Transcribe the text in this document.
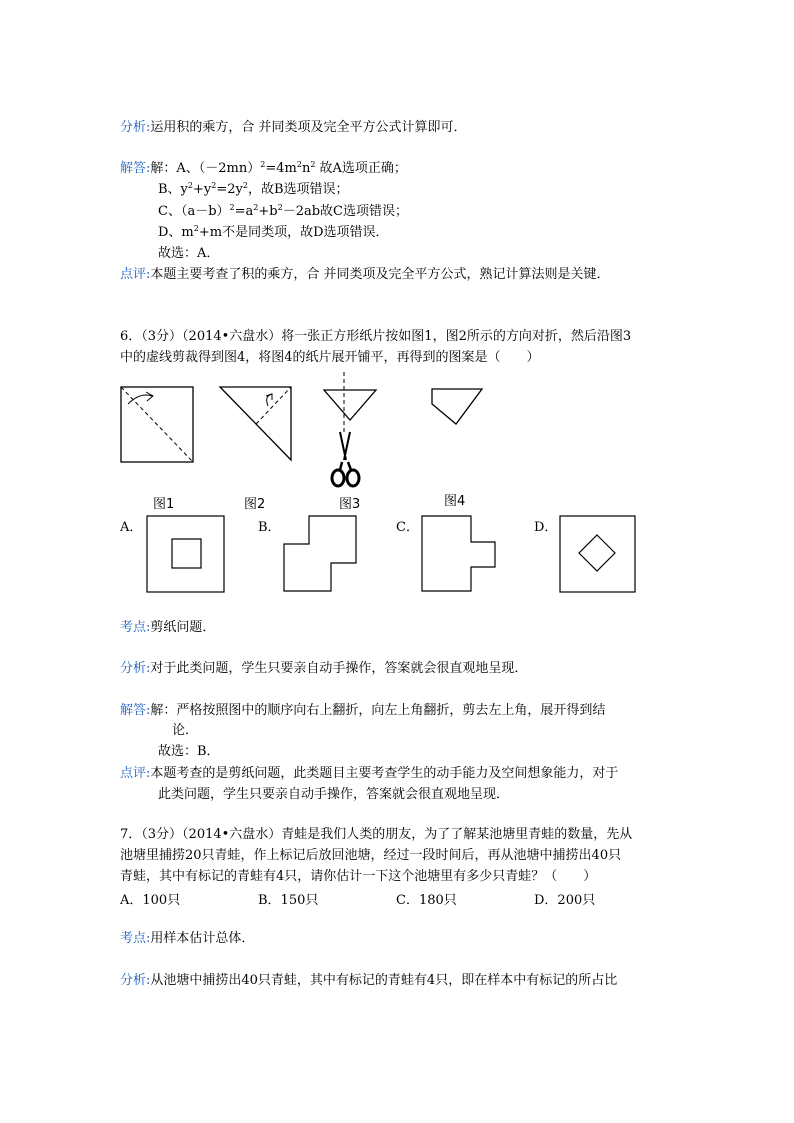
分析:运用积的乘方，合 并同类项及完全平方公式计算即可．
解答:解：A、$(-2mn)^2=4m^2n^2$ 故A选项正确；
B、$y^2+y^2=2y^2$，故B选项错误；
C、$(a-b)^2=a^2+b^2-2ab$故C选项错误；
D、$m^2+m$不是同类项，故D选项错误．
故选：A．
点评:本题主要考查了积的乘方，合 并同类项及完全平方公式，熟记计算法则是关键．
6．（3分）（2014•六盘水）将一张正方形纸片按如图1，图2所示的方向对折，然后沿图3
中的虚线剪裁得到图4，将图4的纸片展开铺平，再得到的图案是（　　）
图1	图2	图3	图4
A．	B．	C．	D．
考点:剪纸问题．
分析:对于此类问题，学生只要亲自动手操作，答案就会很直观地呈现．
解答:解：严格按照图中的顺序向右上翻折，向左上角翻折，剪去左上角，展开得到结
论．
故选：B．
点评:本题考查的是剪纸问题，此类题目主要考查学生的动手能力及空间想象能力，对于
此类问题，学生只要亲自动手操作，答案就会很直观地呈现．
7．（3分）（2014•六盘水）青蛙是我们人类的朋友，为了了解某池塘里青蛙的数量，先从
池塘里捕捞20只青蛙，作上标记后放回池塘，经过一段时间后，再从池塘中捕捞出40只
青蛙，其中有标记的青蛙有4只，请你估计一下这个池塘里有多少只青蛙？（　　）
A．100只	B．150只	C．180只	D．200只
考点:用样本估计总体．
分析:从池塘中捕捞出40只青蛙，其中有标记的青蛙有4只，即在样本中有标记的所占比
